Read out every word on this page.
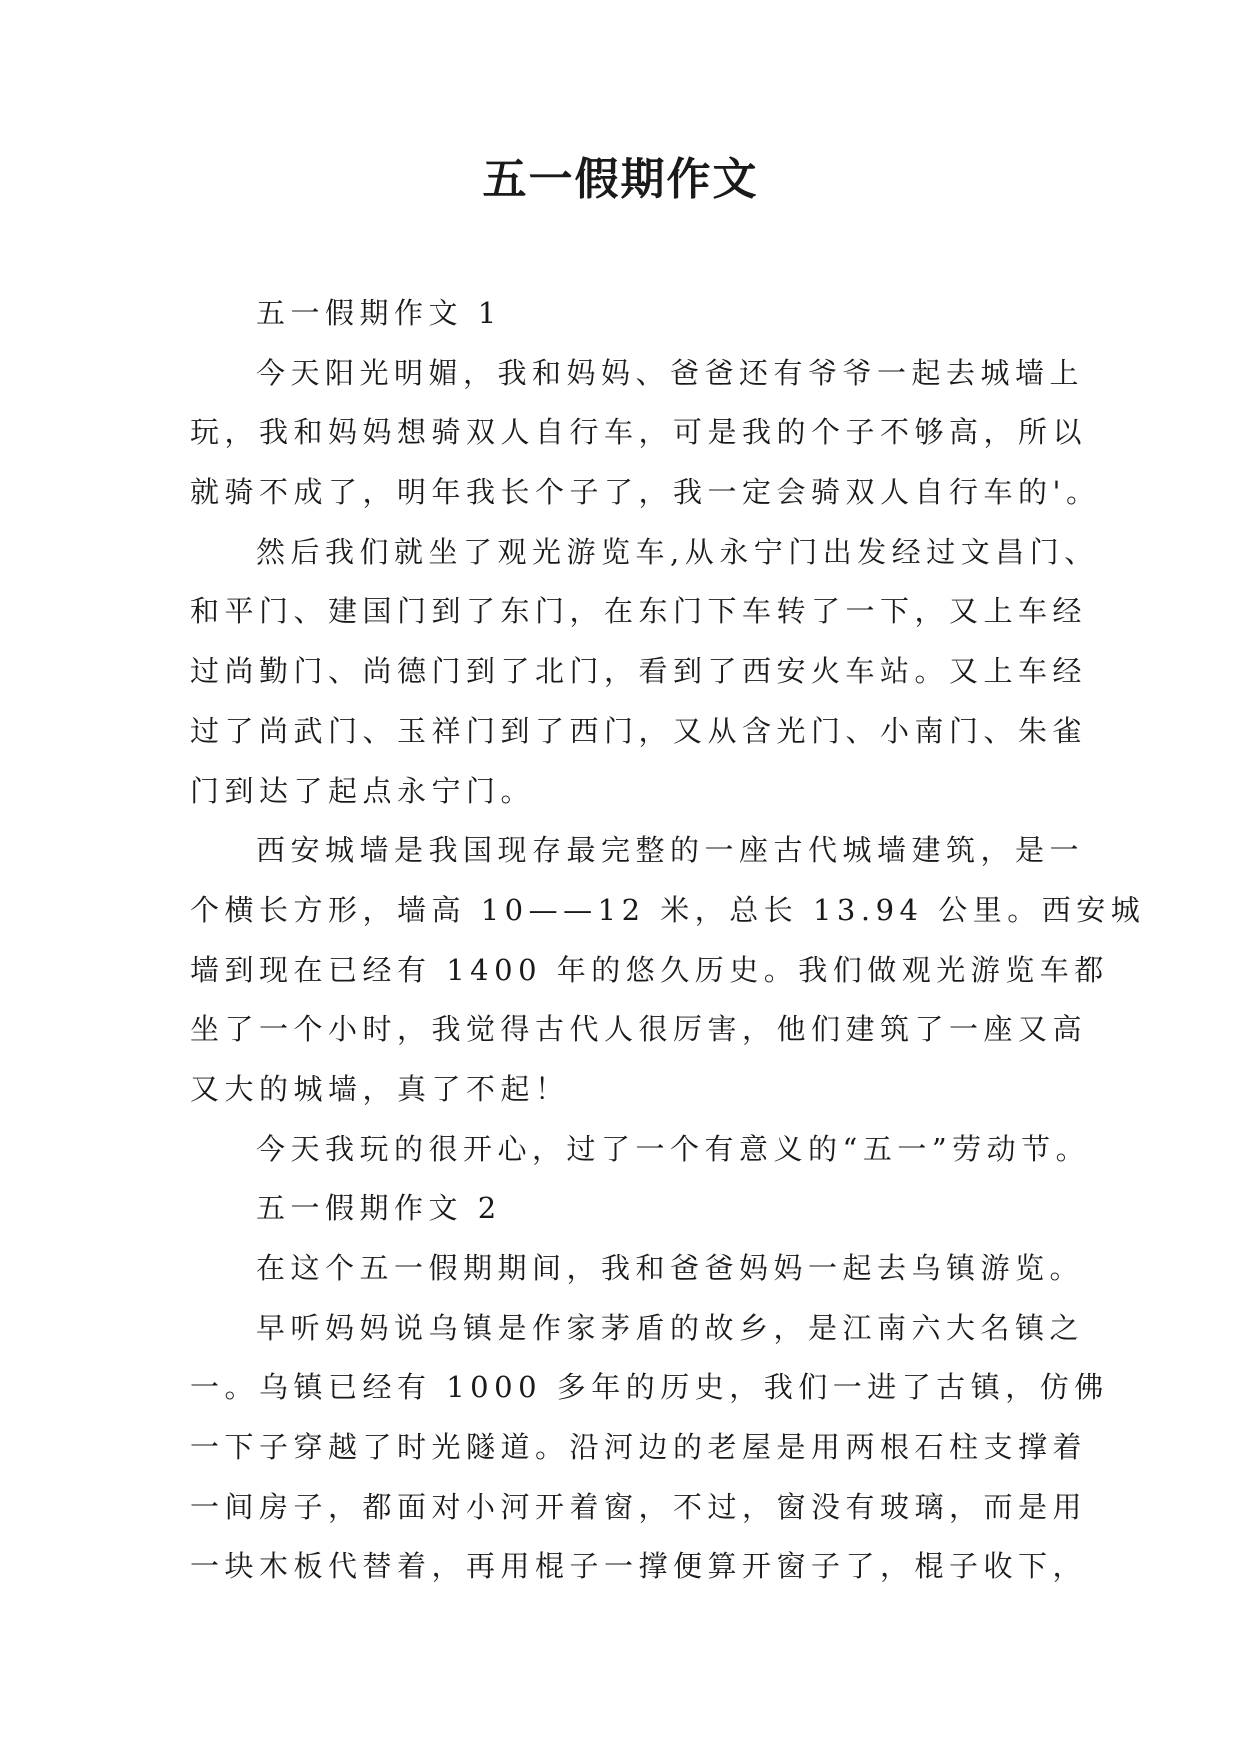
五一假期作文
五一假期作文 1
今天阳光明媚，我和妈妈、爸爸还有爷爷一起去城墙上
玩，我和妈妈想骑双人自行车，可是我的个子不够高，所以
就骑不成了，明年我长个子了，我一定会骑双人自行车的'。
然后我们就坐了观光游览车,从永宁门出发经过文昌门、
和平门、建国门到了东门，在东门下车转了一下，又上车经
过尚勤门、尚德门到了北门，看到了西安火车站。又上车经
过了尚武门、玉祥门到了西门，又从含光门、小南门、朱雀
门到达了起点永宁门。
西安城墙是我国现存最完整的一座古代城墙建筑，是一
个横长方形，墙高 10——12 米，总长 13.94 公里。西安城
墙到现在已经有 1400 年的悠久历史。我们做观光游览车都
坐了一个小时，我觉得古代人很厉害，他们建筑了一座又高
又大的城墙，真了不起！
今天我玩的很开心，过了一个有意义的“五一”劳动节。
五一假期作文 2
在这个五一假期期间，我和爸爸妈妈一起去乌镇游览。
早听妈妈说乌镇是作家茅盾的故乡，是江南六大名镇之
一。乌镇已经有 1000 多年的历史，我们一进了古镇，仿佛
一下子穿越了时光隧道。沿河边的老屋是用两根石柱支撑着
一间房子，都面对小河开着窗，不过，窗没有玻璃，而是用
一块木板代替着，再用棍子一撑便算开窗子了，棍子收下，
